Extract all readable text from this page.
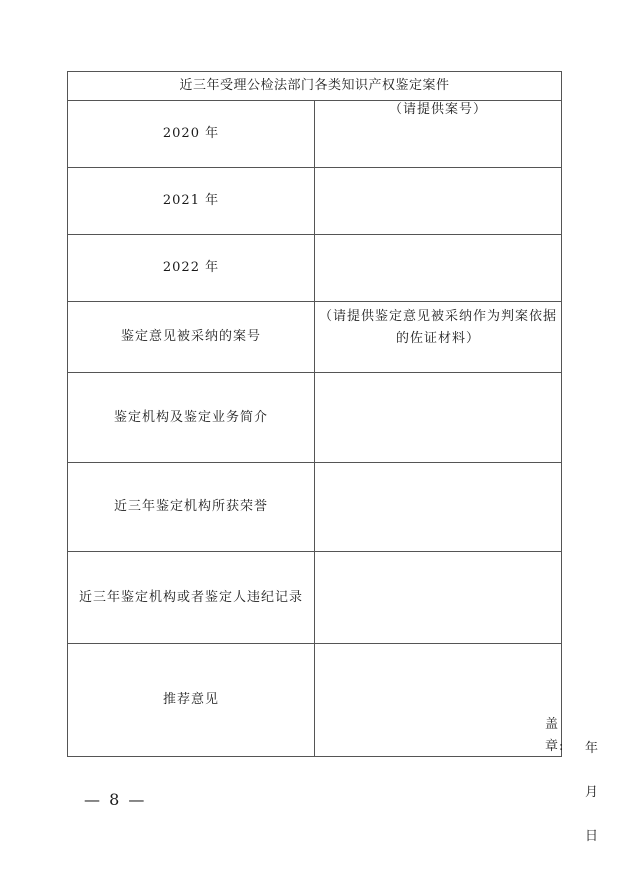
近三年受理公检法部门各类知识产权鉴定案件	
2020 年	（请提供案号）

2021 年	
2022 年	
鉴定意见被采纳的案号	（请提供鉴定意见被采纳作为判案依据的佐证材料）

鉴定机构及鉴定业务简介	
近三年鉴定机构所获荣誉	
近三年鉴定机构或者鉴定人违纪记录	
推荐意见	盖章: 年  月  日
— 8 —
